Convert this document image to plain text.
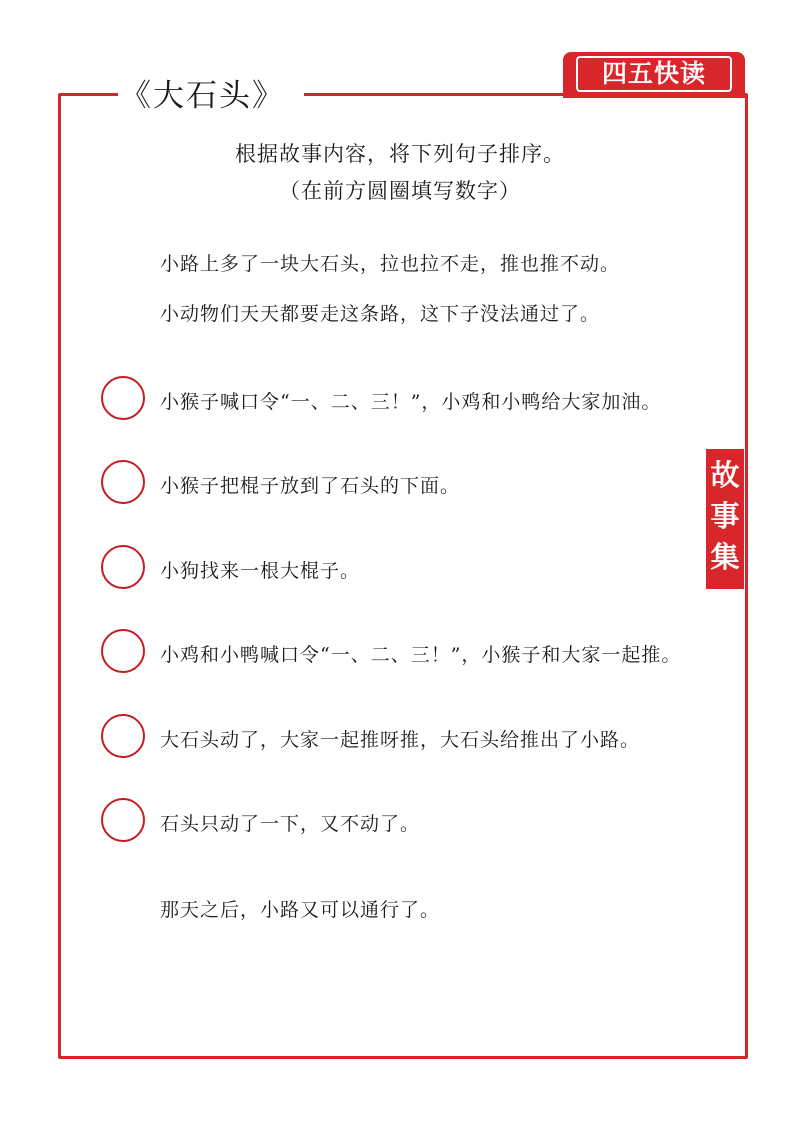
《大石头》
四五快读
故
事
集
根据故事内容，将下列句子排序。
（在前方圆圈填写数字）
小路上多了一块大石头，拉也拉不走，推也推不动。
小动物们天天都要走这条路，这下子没法通过了。
小猴子喊口令“一、二、三！”，小鸡和小鸭给大家加油。
小猴子把棍子放到了石头的下面。
小狗找来一根大棍子。
小鸡和小鸭喊口令“一、二、三！”，小猴子和大家一起推。
大石头动了，大家一起推呀推，大石头给推出了小路。
石头只动了一下，又不动了。
那天之后，小路又可以通行了。
